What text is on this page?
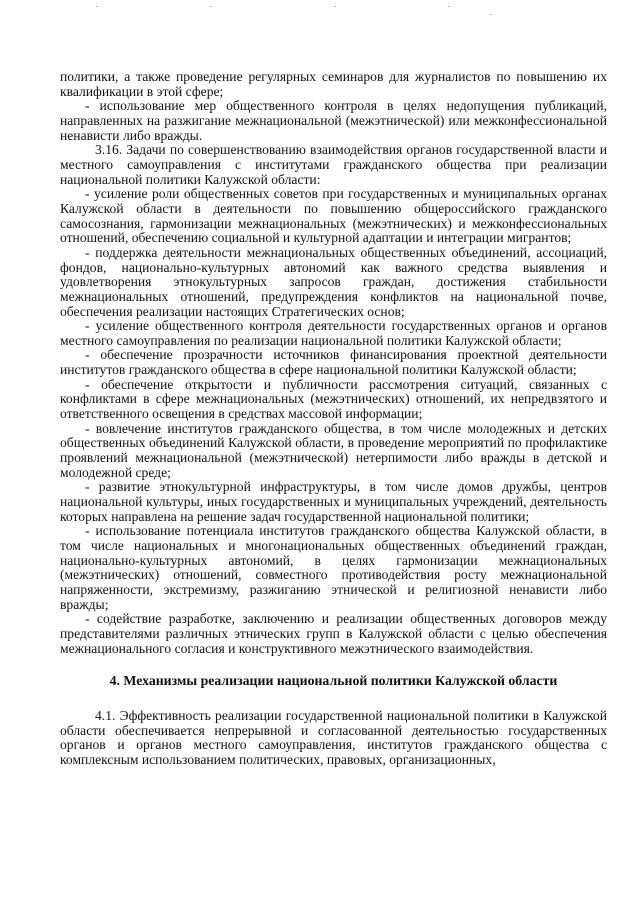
политики, а также проведение регулярных семинаров для журналистов по повышению их квалификации в этой сфере;

- использование мер общественного контроля в целях недопущения публикаций, направленных на разжигание межнациональной (межэтнической) или межконфессиональной ненависти либо вражды.

3.16. Задачи по совершенствованию взаимодействия органов государственной власти и местного самоуправления с институтами гражданского общества при реализации национальной политики Калужской области:

- усиление роли общественных советов при государственных и муниципальных органах Калужской области в деятельности по повышению общероссийского гражданского самосознания, гармонизации межнациональных (межэтнических) и межконфессиональных отношений, обеспечению социальной и культурной адаптации и интеграции мигрантов;

- поддержка деятельности межнациональных общественных объединений, ассоциаций, фондов, национально-культурных автономий как важного средства выявления и удовлетворения этнокультурных запросов граждан, достижения стабильности межнациональных отношений, предупреждения конфликтов на национальной почве, обеспечения реализации настоящих Стратегических основ;

- усиление общественного контроля деятельности государственных органов и органов местного самоуправления по реализации национальной политики Калужской области;

- обеспечение прозрачности источников финансирования проектной деятельности институтов гражданского общества в сфере национальной политики Калужской области;

- обеспечение открытости и публичности рассмотрения ситуаций, связанных с конфликтами в сфере межнациональных (межэтнических) отношений, их непредвзятого и ответственного освещения в средствах массовой информации;

- вовлечение институтов гражданского общества, в том числе молодежных и детских общественных объединений Калужской области, в проведение мероприятий по профилактике проявлений межнациональной (межэтнической) нетерпимости либо вражды в детской и молодежной среде;

- развитие этнокультурной инфраструктуры, в том числе домов дружбы, центров национальной культуры, иных государственных и муниципальных учреждений, деятельность которых направлена на решение задач государственной национальной политики;

- использование потенциала институтов гражданского общества Калужской области, в том числе национальных и многонациональных общественных объединений граждан, национально-культурных автономий, в целях гармонизации межнациональных (межэтнических) отношений, совместного противодействия росту межнациональной напряженности, экстремизму, разжиганию этнической и религиозной ненависти либо вражды;

- содействие разработке, заключению и реализации общественных договоров между представителями различных этнических групп в Калужской области с целью обеспечения межнационального согласия и конструктивного межэтнического взаимодействия.

4. Механизмы реализации национальной политики Калужской области

4.1. Эффективность реализации государственной национальной политики в Калужской области обеспечивается непрерывной и согласованной деятельностью государственных органов и органов местного самоуправления, институтов гражданского общества с комплексным использованием политических, правовых, организационных,
